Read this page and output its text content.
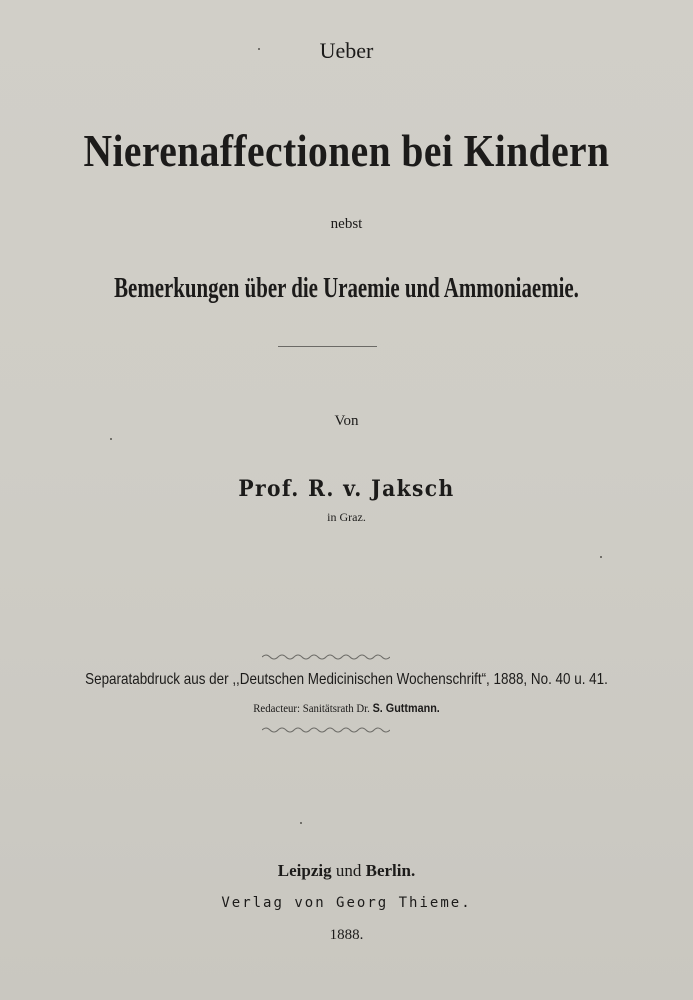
Ueber
Nierenaffectionen bei Kindern
nebst
Bemerkungen über die Uraemie und Ammoniaemie.
Von
Prof. R. v. Jaksch
in Graz.
Separatabdruck aus der ,,Deutschen Medicinischen Wochenschrift“, 1888, No. 40 u. 41.
Redacteur: Sanitätsrath Dr. S. Guttmann.
Leipzig und Berlin.
Verlag von Georg Thieme.
1888.
